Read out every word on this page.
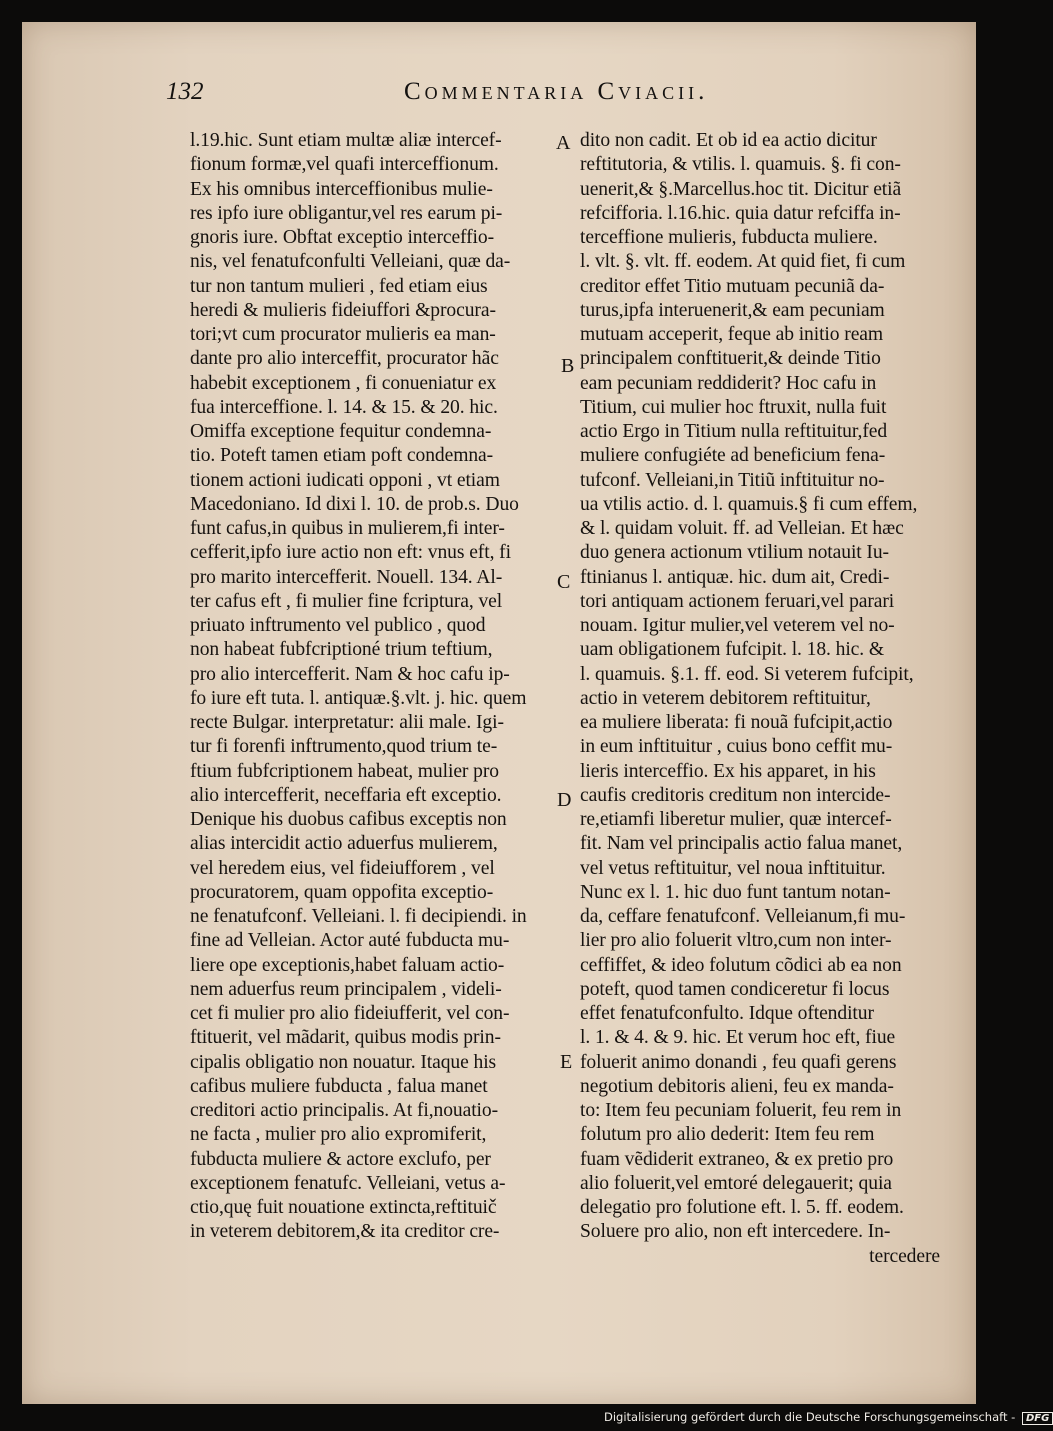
132	Commentaria Cviacii.
l.19.hic. Sunt etiam multæ aliæ intercef-
fionum formæ,vel quafi interceffionum.
Ex his omnibus interceffionibus mulie-
res ipfo iure obligantur,vel res earum pi-
gnoris iure. Obftat exceptio interceffio-
nis, vel fenatufconfulti Velleiani, quæ da-
tur non tantum mulieri , fed etiam eius
heredi & mulieris fideiuffori &procura-
tori;vt cum procurator mulieris ea man-
dante pro alio interceffit, procurator hãc
habebit exceptionem , fi conueniatur ex
fua interceffione. l. 14. & 15. & 20. hic.
Omiffa exceptione fequitur condemna-
tio. Poteft tamen etiam poft condemna-
tionem actioni iudicati opponi , vt etiam
Macedoniano. Id dixi l. 10. de prob.s. Duo
funt cafus,in quibus in mulierem,fi inter-
cefferit,ipfo iure actio non eft: vnus eft, fi
pro marito intercefferit. Nouell. 134. Al-
ter cafus eft , fi mulier fine fcriptura, vel
priuato inftrumento vel publico , quod
non habeat fubfcriptioné trium teftium,
pro alio intercefferit. Nam & hoc cafu ip-
fo iure eft tuta. l. antiquæ.§.vlt. j. hic. quem
recte Bulgar. interpretatur: alii male. Igi-
tur fi forenfi inftrumento,quod trium te-
ftium fubfcriptionem habeat, mulier pro
alio intercefferit, neceffaria eft exceptio.
Denique his duobus cafibus exceptis non
alias intercidit actio aduerfus mulierem,
vel heredem eius, vel fideiufforem , vel
procuratorem, quam oppofita exceptio-
ne fenatufconf. Velleiani. l. fi decipiendi. in
fine ad Velleian. Actor auté fubducta mu-
liere ope exceptionis,habet faluam actio-
nem aduerfus reum principalem , videli-
cet fi mulier pro alio fideiufferit, vel con-
ftituerit, vel mãdarit, quibus modis prin-
cipalis obligatio non nouatur. Itaque his
cafibus muliere fubducta , falua manet
creditori actio principalis. At fi,nouatio-
ne facta , mulier pro alio expromiferit,
fubducta muliere & actore exclufo, per
exceptionem fenatufc. Velleiani, vetus a-
ctio,quę fuit nouatione extincta,reftituič
in veterem debitorem,& ita creditor cre-
dito non cadit. Et ob id ea actio dicitur
reftitutoria, & vtilis. l. quamuis. §. fi con-
uenerit,& §.Marcellus.hoc tit. Dicitur etiã
refcifforia. l.16.hic. quia datur refciffa in-
terceffione mulieris, fubducta muliere.
l. vlt. §. vlt. ff. eodem. At quid fiet, fi cum
creditor effet Titio mutuam pecuniã da-
turus,ipfa interuenerit,& eam pecuniam
mutuam acceperit, feque ab initio ream
principalem conftituerit,& deinde Titio
eam pecuniam reddiderit? Hoc cafu in
Titium, cui mulier hoc ftruxit, nulla fuit
actio Ergo in Titium nulla reftituitur,fed
muliere confugiéte ad beneficium fena-
tufconf. Velleiani,in Titiũ inftituitur no-
ua vtilis actio. d. l. quamuis.§ fi cum effem,
& l. quidam voluit. ff. ad Velleian. Et hæc
duo genera actionum vtilium notauit Iu-
ftinianus l. antiquæ. hic. dum ait, Credi-
tori antiquam actionem feruari,vel parari
nouam. Igitur mulier,vel veterem vel no-
uam obligationem fufcipit. l. 18. hic. &
l. quamuis. §.1. ff. eod. Si veterem fufcipit,
actio in veterem debitorem reftituitur,
ea muliere liberata: fi nouã fufcipit,actio
in eum inftituitur , cuius bono ceffit mu-
lieris interceffio. Ex his apparet, in his
caufis creditoris creditum non intercide-
re,etiamfi liberetur mulier, quæ intercef-
fit. Nam vel principalis actio falua manet,
vel vetus reftituitur, vel noua inftituitur.
Nunc ex l. 1. hic duo funt tantum notan-
da, ceffare fenatufconf. Velleianum,fi mu-
lier pro alio foluerit vltro,cum non inter-
ceffiffet, & ideo folutum cõdici ab ea non
poteft, quod tamen condiceretur fi locus
effet fenatufconfulto. Idque oftenditur
l. 1. & 4. & 9. hic. Et verum hoc eft, fiue
foluerit animo donandi , feu quafi gerens
negotium debitoris alieni, feu ex manda-
to: Item feu pecuniam foluerit, feu rem in
folutum pro alio dederit: Item feu rem
fuam vẽdiderit extraneo, & ex pretio pro
alio foluerit,vel emtoré delegauerit; quia
delegatio pro folutione eft. l. 5. ff. eodem.
Soluere pro alio, non eft intercedere. In-
tercedere
A
B
C
D
E
Digitalisierung gefördert durch die Deutsche Forschungsgemeinschaft - DFG
